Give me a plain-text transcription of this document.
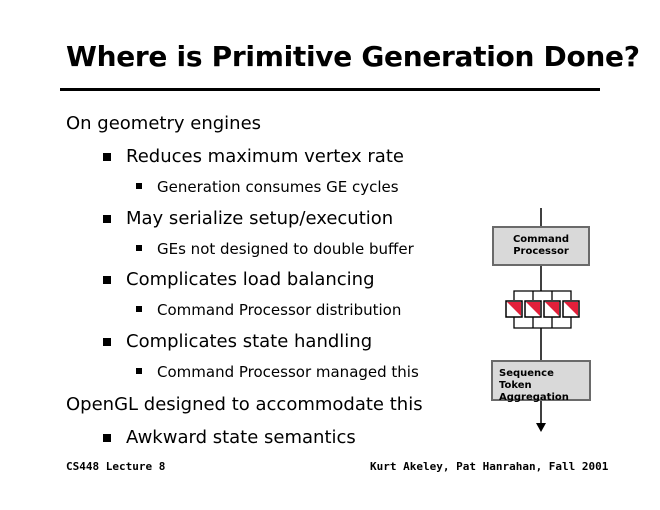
Where is Primitive Generation Done?
On geometry engines
Reduces maximum vertex rate
Generation consumes GE cycles
May serialize setup/execution
GEs not designed to double buffer
Complicates load balancing
Command Processor distribution
Complicates state handling
Command Processor managed this
OpenGL designed to accommodate this
Awkward state semantics
Command
Processor
Sequence Token
Aggregation
CS448 Lecture 8	Kurt Akeley, Pat Hanrahan, Fall 2001
